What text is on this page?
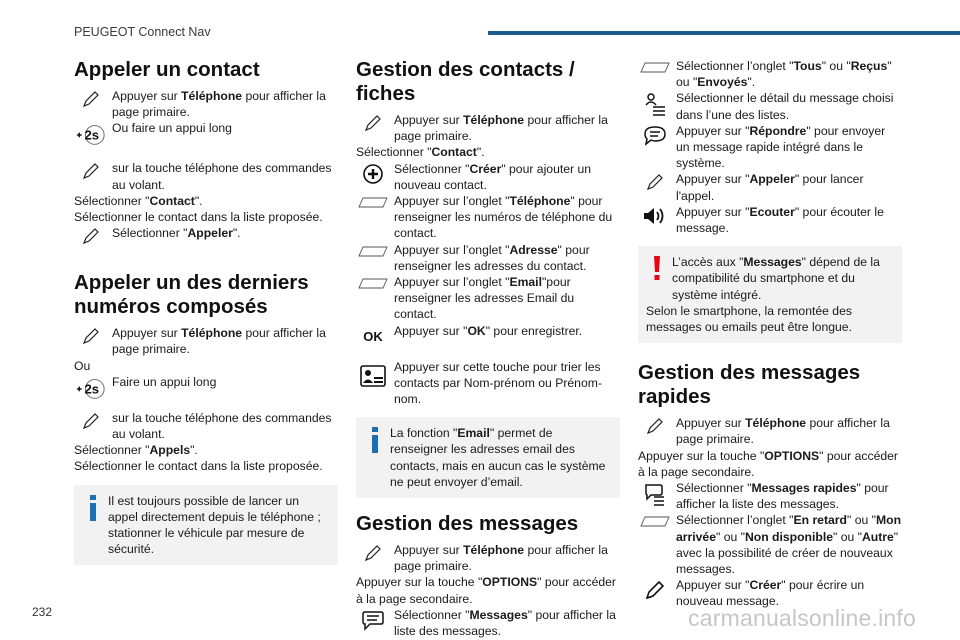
PEUGEOT Connect Nav
Appeler un contact
Appuyer sur Téléphone pour afficher la page primaire.
2s Ou faire un appui long
sur la touche téléphone des commandes au volant.

Sélectionner "Contact".

Sélectionner le contact dans la liste proposée.

Sélectionner "Appeler".
Appeler un des derniers numéros composés
Appuyer sur Téléphone pour afficher la page primaire.

Ou

2s Faire un appui long
sur la touche téléphone des commandes au volant.

Sélectionner "Appels".

Sélectionner le contact dans la liste proposée.

Il est toujours possible de lancer un appel directement depuis le téléphone ; stationner le véhicule par mesure de sécurité.
Gestion des contacts / fiches
Appuyer sur Téléphone pour afficher la page primaire.

Sélectionner "Contact".

Sélectionner "Créer" pour ajouter un nouveau contact.
Appuyer sur l’onglet "Téléphone" pour renseigner les numéros de téléphone du contact.
Appuyer sur l’onglet "Adresse" pour renseigner les adresses du contact.
Appuyer sur l’onglet "Email"pour renseigner les adresses Email du contact.
OK Appuyer sur "OK" pour enregistrer.
Appuyer sur cette touche pour trier les contacts par Nom-prénom ou Prénom-nom.
La fonction "Email" permet de renseigner les adresses email des contacts, mais en aucun cas le système ne peut envoyer d’email.
Gestion des messages
Appuyer sur Téléphone pour afficher la page primaire.

Appuyer sur la touche "OPTIONS" pour accéder à la page secondaire.

Sélectionner "Messages" pour afficher la liste des messages.
Sélectionner l’onglet "Tous" ou "Reçus" ou "Envoyés".
Sélectionner le détail du message choisi dans l’une des listes.
Appuyer sur "Répondre" pour envoyer un message rapide intégré dans le système.
Appuyer sur "Appeler" pour lancer l'appel.
Appuyer sur "Ecouter" pour écouter le message.
L’accès aux "Messages" dépend de la compatibilité du smartphone et du système intégré.

Selon le smartphone, la remontée des messages ou emails peut être longue.

Gestion des messages rapides
Appuyer sur Téléphone pour afficher la page primaire.

Appuyer sur la touche "OPTIONS" pour accéder à la page secondaire.

Sélectionner "Messages rapides" pour afficher la liste des messages.
Sélectionner l’onglet "En retard" ou "Mon arrivée" ou "Non disponible" ou "Autre" avec la possibilité de créer de nouveaux messages.
Appuyer sur "Créer" pour écrire un nouveau message.
232	carmanualsonline.info
